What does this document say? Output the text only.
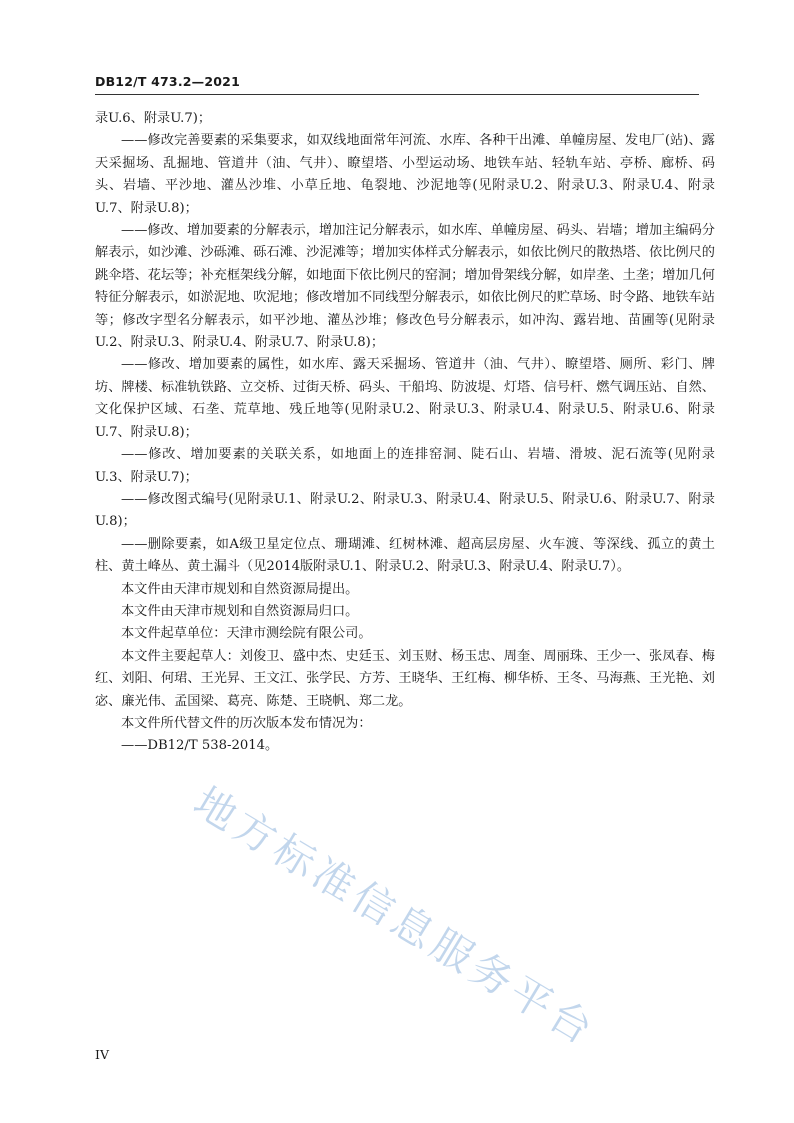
DB12/T 473.2—2021

录U.6、附录U.7)；

——修改完善要素的采集要求，如双线地面常年河流、水库、各种干出滩、单幢房屋、发电厂(站)、露天采掘场、乱掘地、管道井（油、气井）、瞭望塔、小型运动场、地铁车站、轻轨车站、亭桥、廊桥、码头、岩墙、平沙地、灌丛沙堆、小草丘地、龟裂地、沙泥地等(见附录U.2、附录U.3、附录U.4、附录U.7、附录U.8)；

——修改、增加要素的分解表示，增加注记分解表示，如水库、单幢房屋、码头、岩墙；增加主编码分解表示，如沙滩、沙砾滩、砾石滩、沙泥滩等；增加实体样式分解表示，如依比例尺的散热塔、依比例尺的跳伞塔、花坛等；补充框架线分解，如地面下依比例尺的窑洞；增加骨架线分解，如岸垄、土垄；增加几何特征分解表示，如淤泥地、吹泥地；修改增加不同线型分解表示，如依比例尺的贮草场、时令路、地铁车站等；修改字型名分解表示，如平沙地、灌丛沙堆；修改色号分解表示，如冲沟、露岩地、苗圃等(见附录U.2、附录U.3、附录U.4、附录U.7、附录U.8)；

——修改、增加要素的属性，如水库、露天采掘场、管道井（油、气井）、瞭望塔、厕所、彩门、牌坊、牌楼、标准轨铁路、立交桥、过街天桥、码头、干船坞、防波堤、灯塔、信号杆、燃气调压站、自然、文化保护区域、石垄、荒草地、残丘地等(见附录U.2、附录U.3、附录U.4、附录U.5、附录U.6、附录U.7、附录U.8)；

——修改、增加要素的关联关系，如地面上的连排窑洞、陡石山、岩墙、滑坡、泥石流等(见附录U.3、附录U.7)；

——修改图式编号(见附录U.1、附录U.2、附录U.3、附录U.4、附录U.5、附录U.6、附录U.7、附录U.8)；

——删除要素，如A级卫星定位点、珊瑚滩、红树林滩、超高层房屋、火车渡、等深线、孤立的黄土柱、黄土峰丛、黄土漏斗（见2014版附录U.1、附录U.2、附录U.3、附录U.4、附录U.7）。

本文件由天津市规划和自然资源局提出。

本文件由天津市规划和自然资源局归口。

本文件起草单位：天津市测绘院有限公司。

本文件主要起草人：刘俊卫、盛中杰、史廷玉、刘玉财、杨玉忠、周奎、周丽珠、王少一、张凤春、梅红、刘阳、何珺、王光昇、王文江、张学民、方芳、王晓华、王红梅、柳华桥、王冬、马海燕、王光艳、刘宓、廉光伟、孟国梁、葛亮、陈楚、王晓帆、郑二龙。

本文件所代替文件的历次版本发布情况为：

——DB12/T 538-2014。

地方标准信息服务平台
IV
